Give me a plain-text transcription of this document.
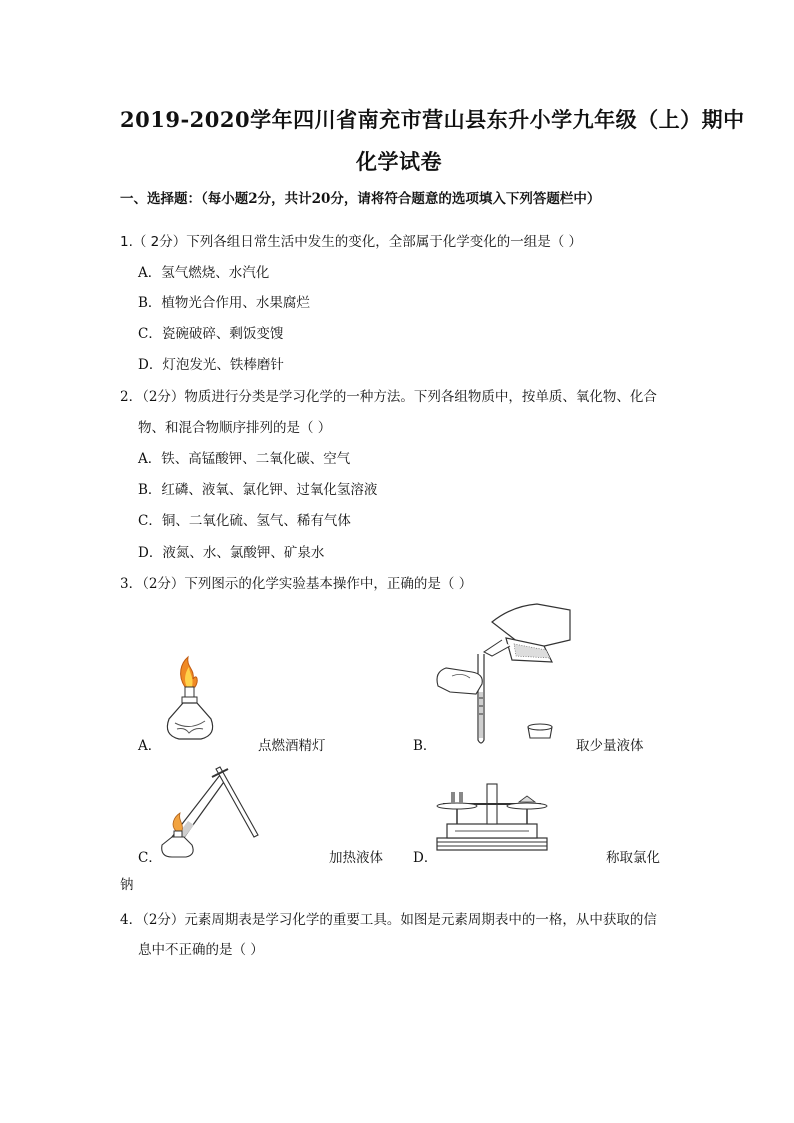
2019-2020学年四川省南充市营山县东升小学九年级（上）期中
化学试卷
一、选择题：（每小题2分，共计20分，请将符合题意的选项填入下列答题栏中）
1.（ 2分）下列各组日常生活中发生的变化，全部属于化学变化的一组是（ ）
A．氢气燃烧、水汽化
B．植物光合作用、水果腐烂
C．瓷碗破碎、剩饭变馊
D．灯泡发光、铁棒磨针
2．（2分）物质进行分类是学习化学的一种方法。下列各组物质中，按单质、氧化物、化合
物、和混合物顺序排列的是（ ）
A．铁、高锰酸钾、二氧化碳、空气
B．红磷、液氧、氯化钾、过氧化氢溶液
C．铜、二氧化硫、氢气、稀有气体
D．液氮、水、氯酸钾、矿泉水
3．（2分）下列图示的化学实验基本操作中，正确的是（ ）
A．	点燃酒精灯	B．	取少量液体
C．	加热液体 D．	称取氯化
钠
4．（2分）元素周期表是学习化学的重要工具。如图是元素周期表中的一格，从中获取的信
息中不正确的是（ ）
